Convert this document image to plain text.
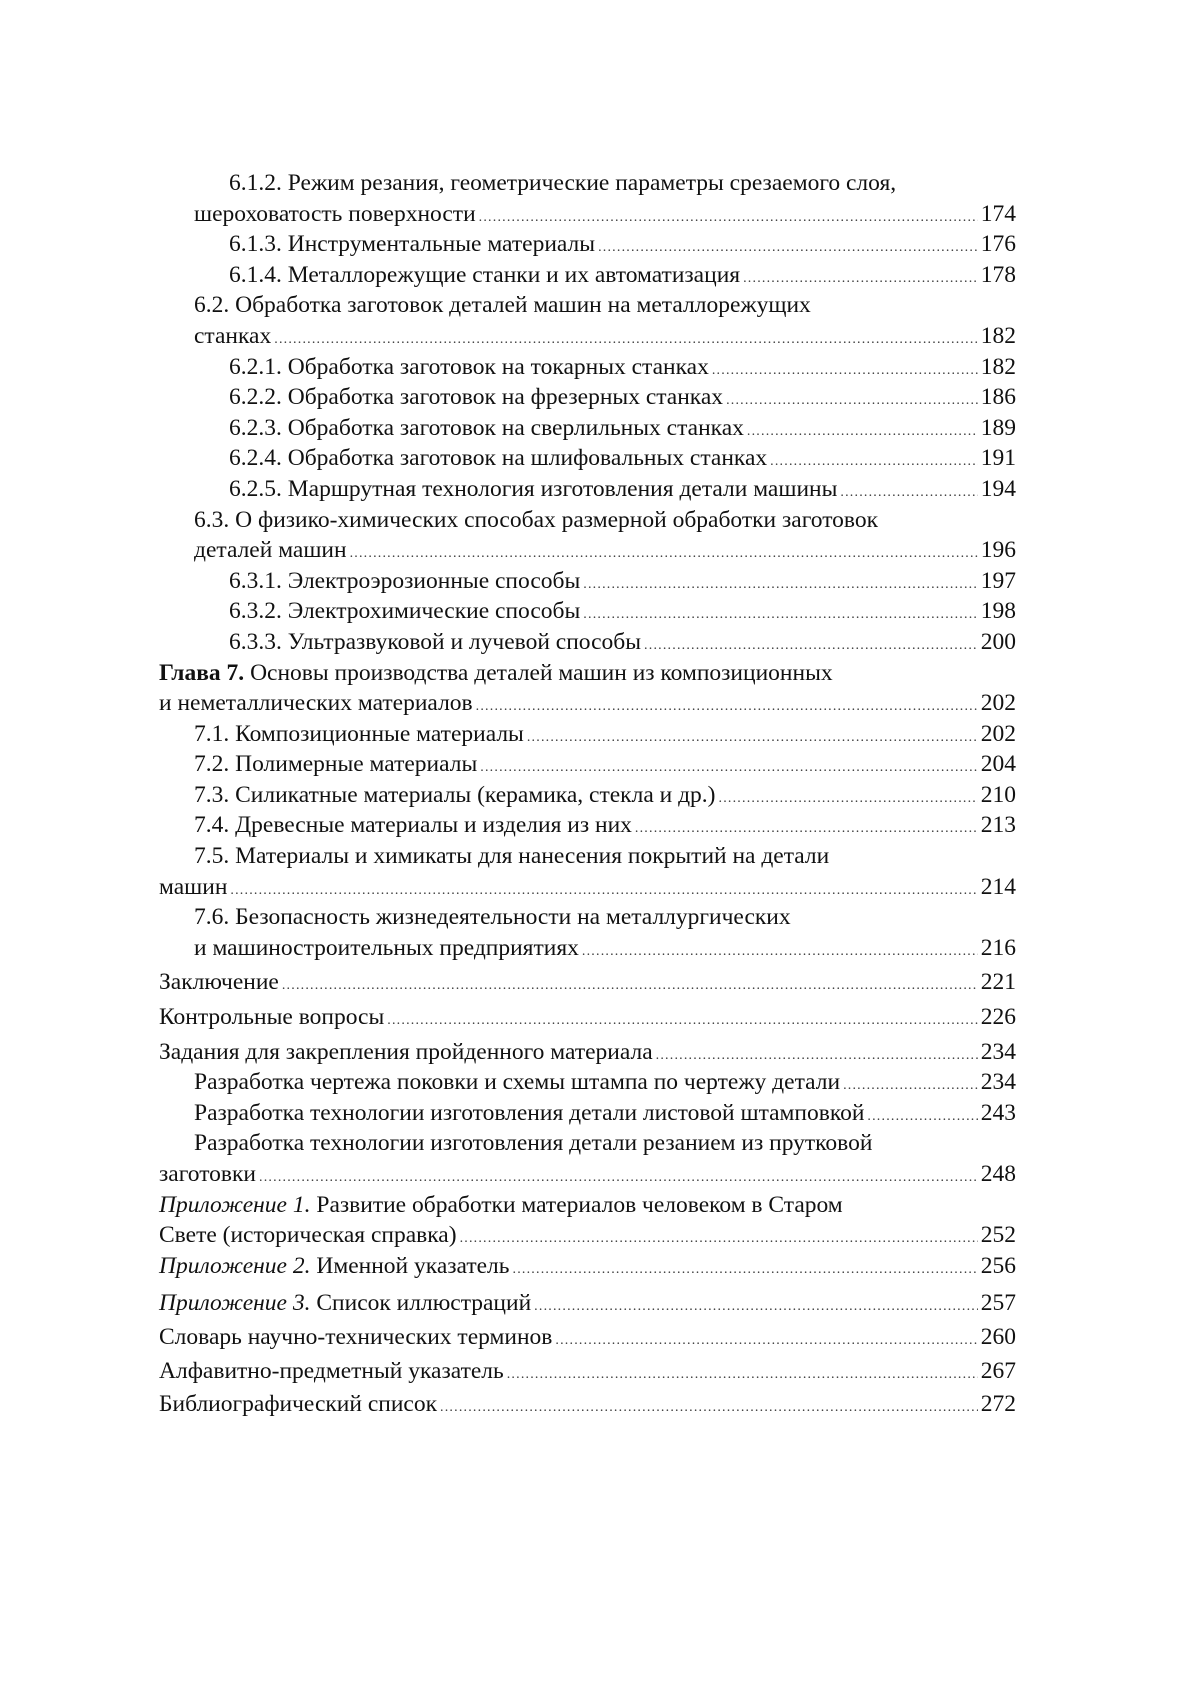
6.1.2. Режим резания, геометрические параметры срезаемого слоя,
шероховатость поверхности .....	174
6.1.3. Инструментальные материалы .....	176
6.1.4. Металлорежущие станки и их автоматизация .....	178
6.2. Обработка заготовок деталей машин на металлорежущих
станках .....	182
6.2.1. Обработка заготовок на токарных станках .....	182
6.2.2. Обработка заготовок на фрезерных станках .....	186
6.2.3. Обработка заготовок на сверлильных станках .....	189
6.2.4. Обработка заготовок на шлифовальных станках .....	191
6.2.5. Маршрутная технология изготовления детали машины .....	194
6.3. О физико-химических способах размерной обработки заготовок
деталей машин .....	196
6.3.1. Электроэрозионные способы .....	197
6.3.2. Электрохимические способы .....	198
6.3.3. Ультразвуковой и лучевой способы .....	200
Глава 7. Основы производства деталей машин из композиционных
и неметаллических материалов .....	202
7.1. Композиционные материалы .....	202
7.2. Полимерные материалы .....	204
7.3. Силикатные материалы (керамика, стекла и др.) .....	210
7.4. Древесные материалы и изделия из них .....	213
7.5. Материалы и химикаты для нанесения покрытий на детали
машин .....	214
7.6. Безопасность жизнедеятельности на металлургических
и машиностроительных предприятиях .....	216
Заключение .....	221
Контрольные вопросы .....	226
Задания для закрепления пройденного материала .....	234
Разработка чертежа поковки и схемы штампа по чертежу детали .....	234
Разработка технологии изготовления детали листовой штамповкой .....	243
Разработка технологии изготовления детали резанием из прутковой
заготовки .....	248
Приложение 1. Развитие обработки материалов человеком в Старом
Свете (историческая справка) .....	252
Приложение 2. Именной указатель .....	256
Приложение 3. Список иллюстраций .....	257
Словарь научно-технических терминов .....	260
Алфавитно-предметный указатель .....	267
Библиографический список .....	272
